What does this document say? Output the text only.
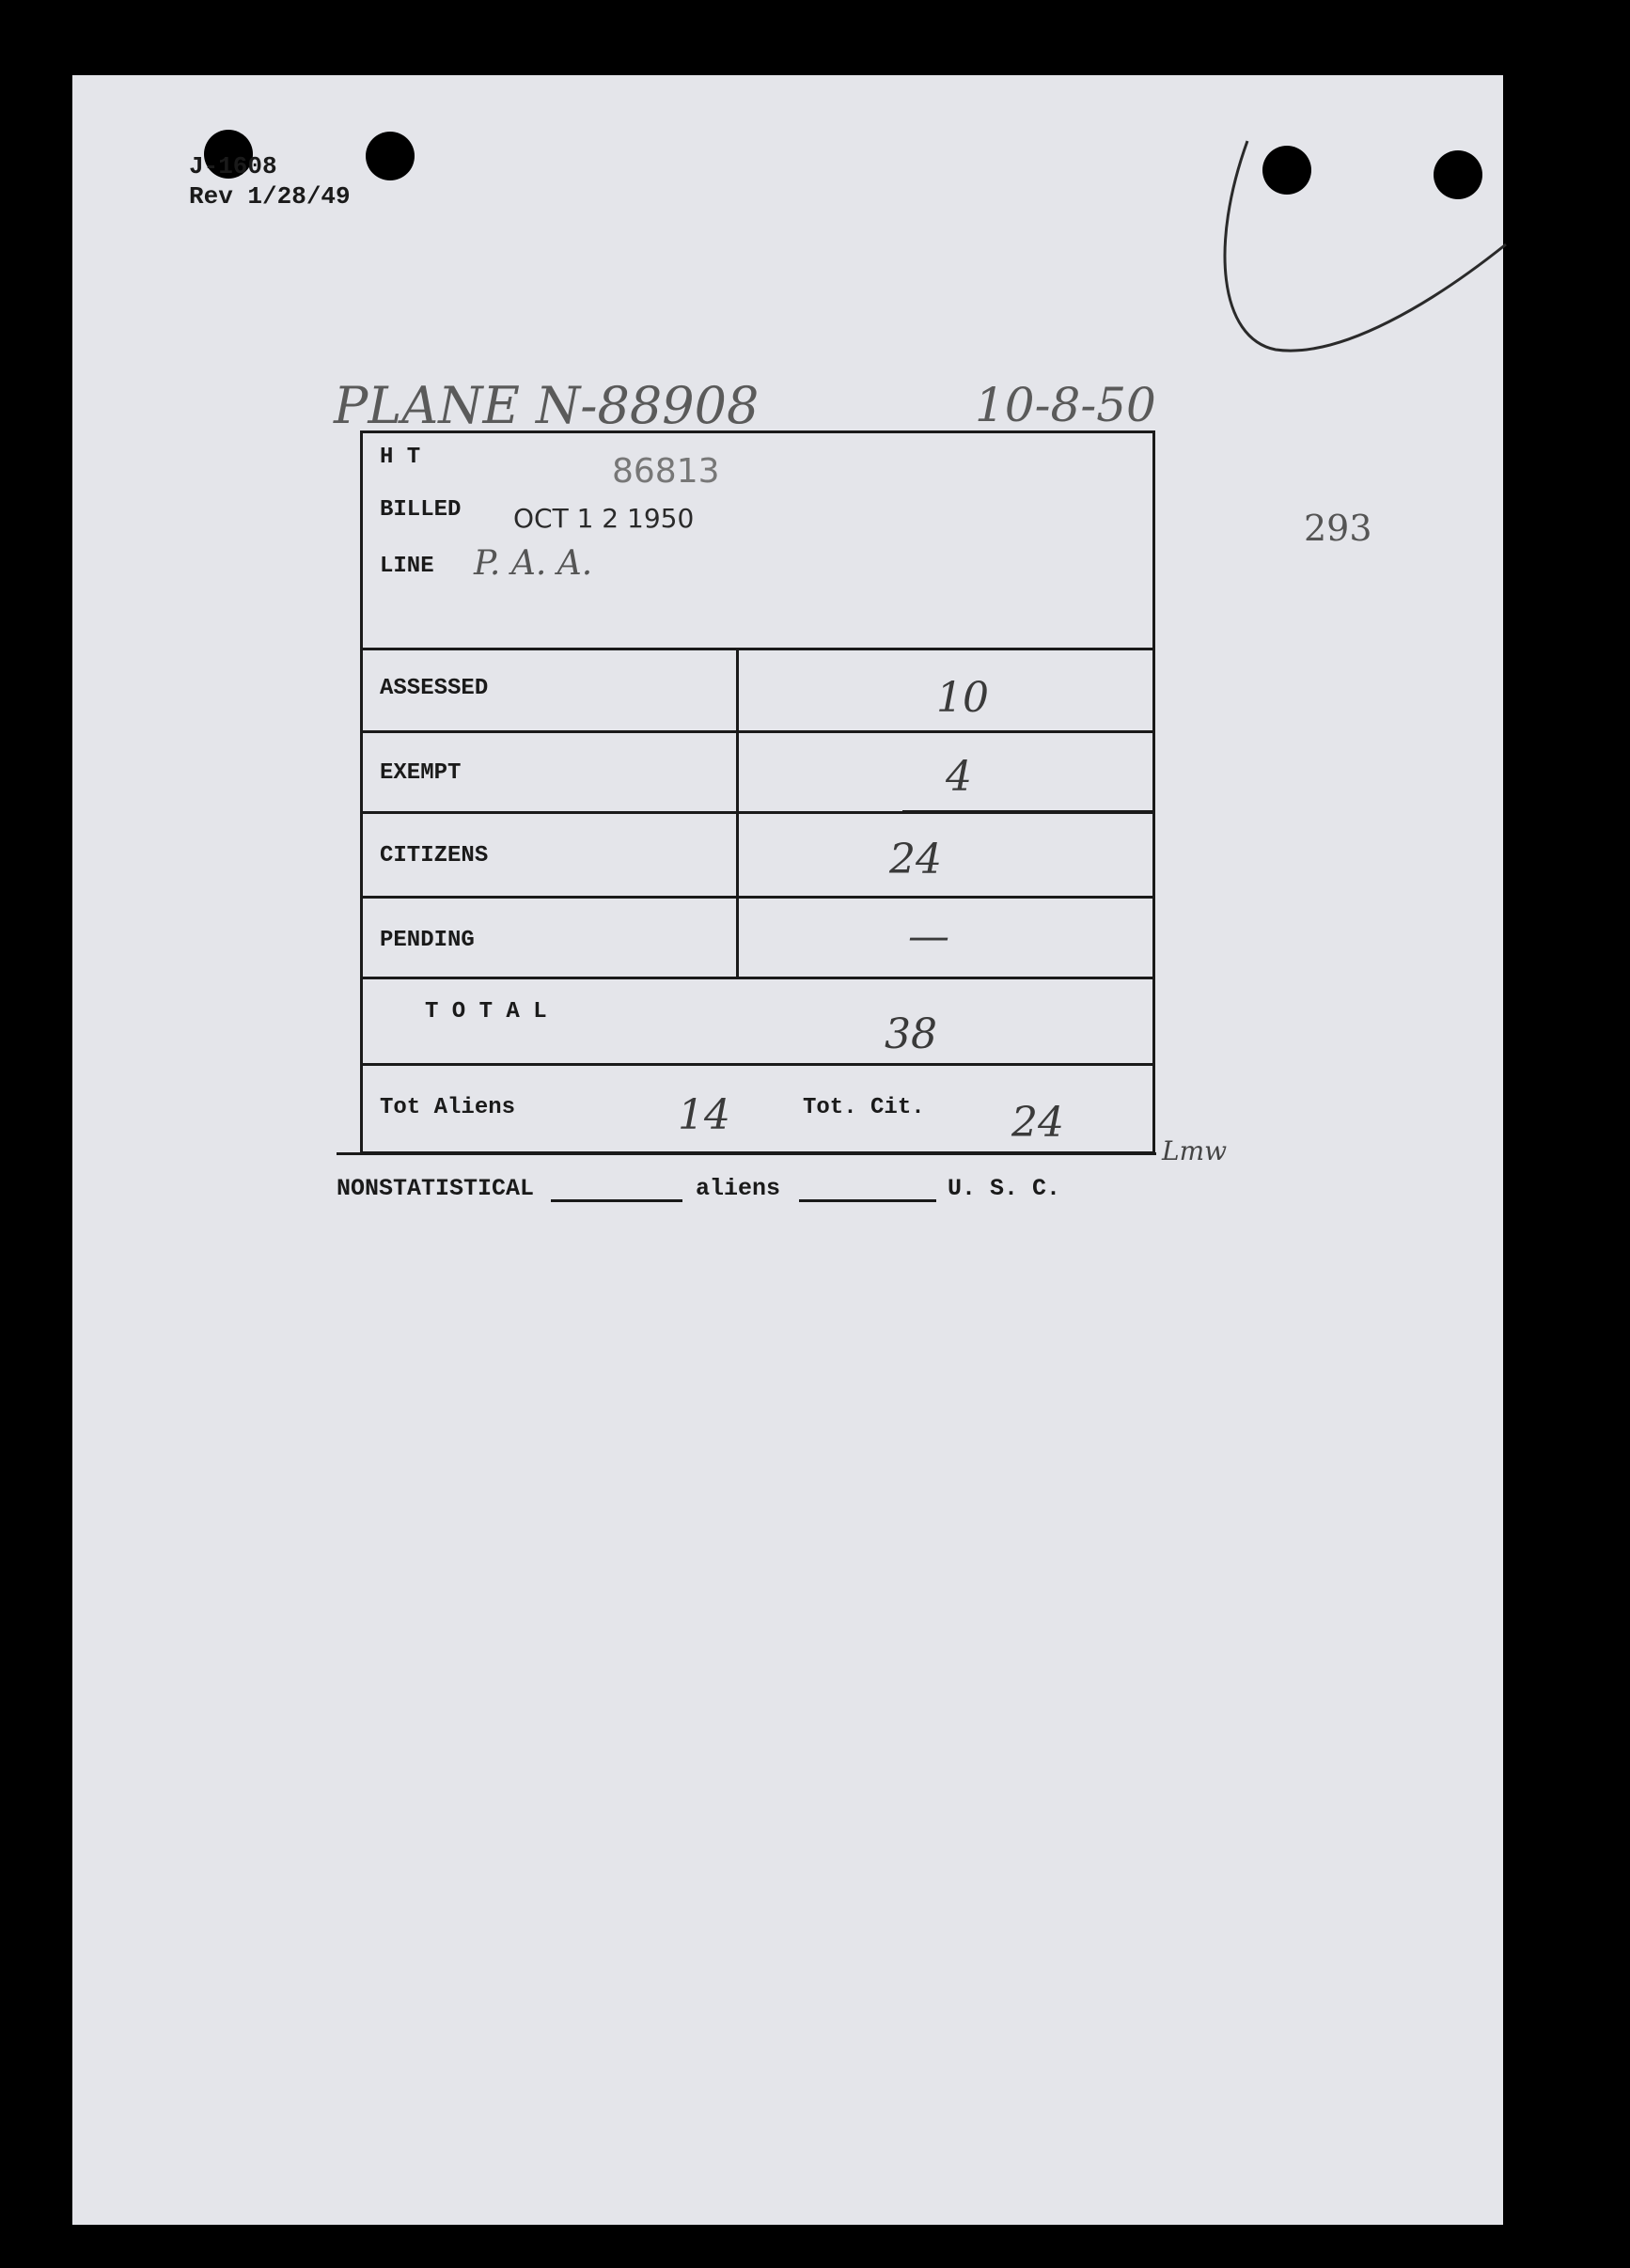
J-1608
Rev 1/28/49
PLANE N-88908	10-8-50
293
H T	86813
BILLED OCT 1 2 1950
LINE P. A. A.
ASSESSED	10
EXEMPT	4
CITIZENS	24
PENDING	—
T O T A L	38
Tot Aliens	14	Tot. Cit. 24
Lmw
NONSTATISTICAL	aliens	U. S. C.
